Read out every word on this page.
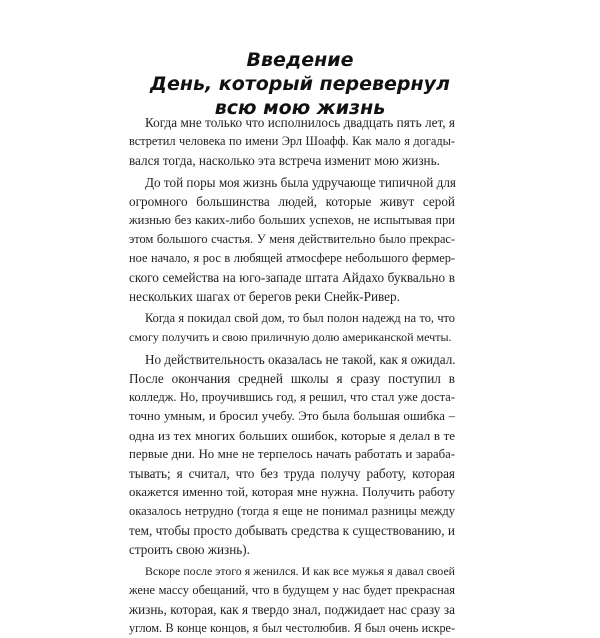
Введение
День, который перевернул
всю мою жизнь
Когда мне только что исполнилось двадцать пять лет, я
встретил человека по имени Эрл Шоафф. Как мало я догады-
вался тогда, насколько эта встреча изменит мою жизнь.
До той поры моя жизнь была удручающе типичной для
огромного большинства людей, которые живут серой
жизнью без каких-либо больших успехов, не испытывая при
этом большого счастья. У меня действительно было прекрас-
ное начало, я рос в любящей атмосфере небольшого фермер-
ского семейства на юго-западе штата Айдахо буквально в
нескольких шагах от берегов реки Снейк-Ривер.
Когда я покидал свой дом, то был полон надежд на то, что
смогу получить и свою приличную долю американской мечты.
Но действительность оказалась не такой, как я ожидал.
После окончания средней школы я сразу поступил в
колледж. Но, проучившись год, я решил, что стал уже доста-
точно умным, и бросил учебу. Это была большая ошибка –
одна из тех многих больших ошибок, которые я делал в те
первые дни. Но мне не терпелось начать работать и зараба-
тывать; я считал, что без труда получу работу, которая
окажется именно той, которая мне нужна. Получить работу
оказалось нетрудно (тогда я еще не понимал разницы между
тем, чтобы просто добывать средства к существованию, и
строить свою жизнь).
Вскоре после этого я женился. И как все мужья я давал своей
жене массу обещаний, что в будущем у нас будет прекрасная
жизнь, которая, как я твердо знал, поджидает нас сразу за
углом. В конце концов, я был честолюбив. Я был очень искре-
